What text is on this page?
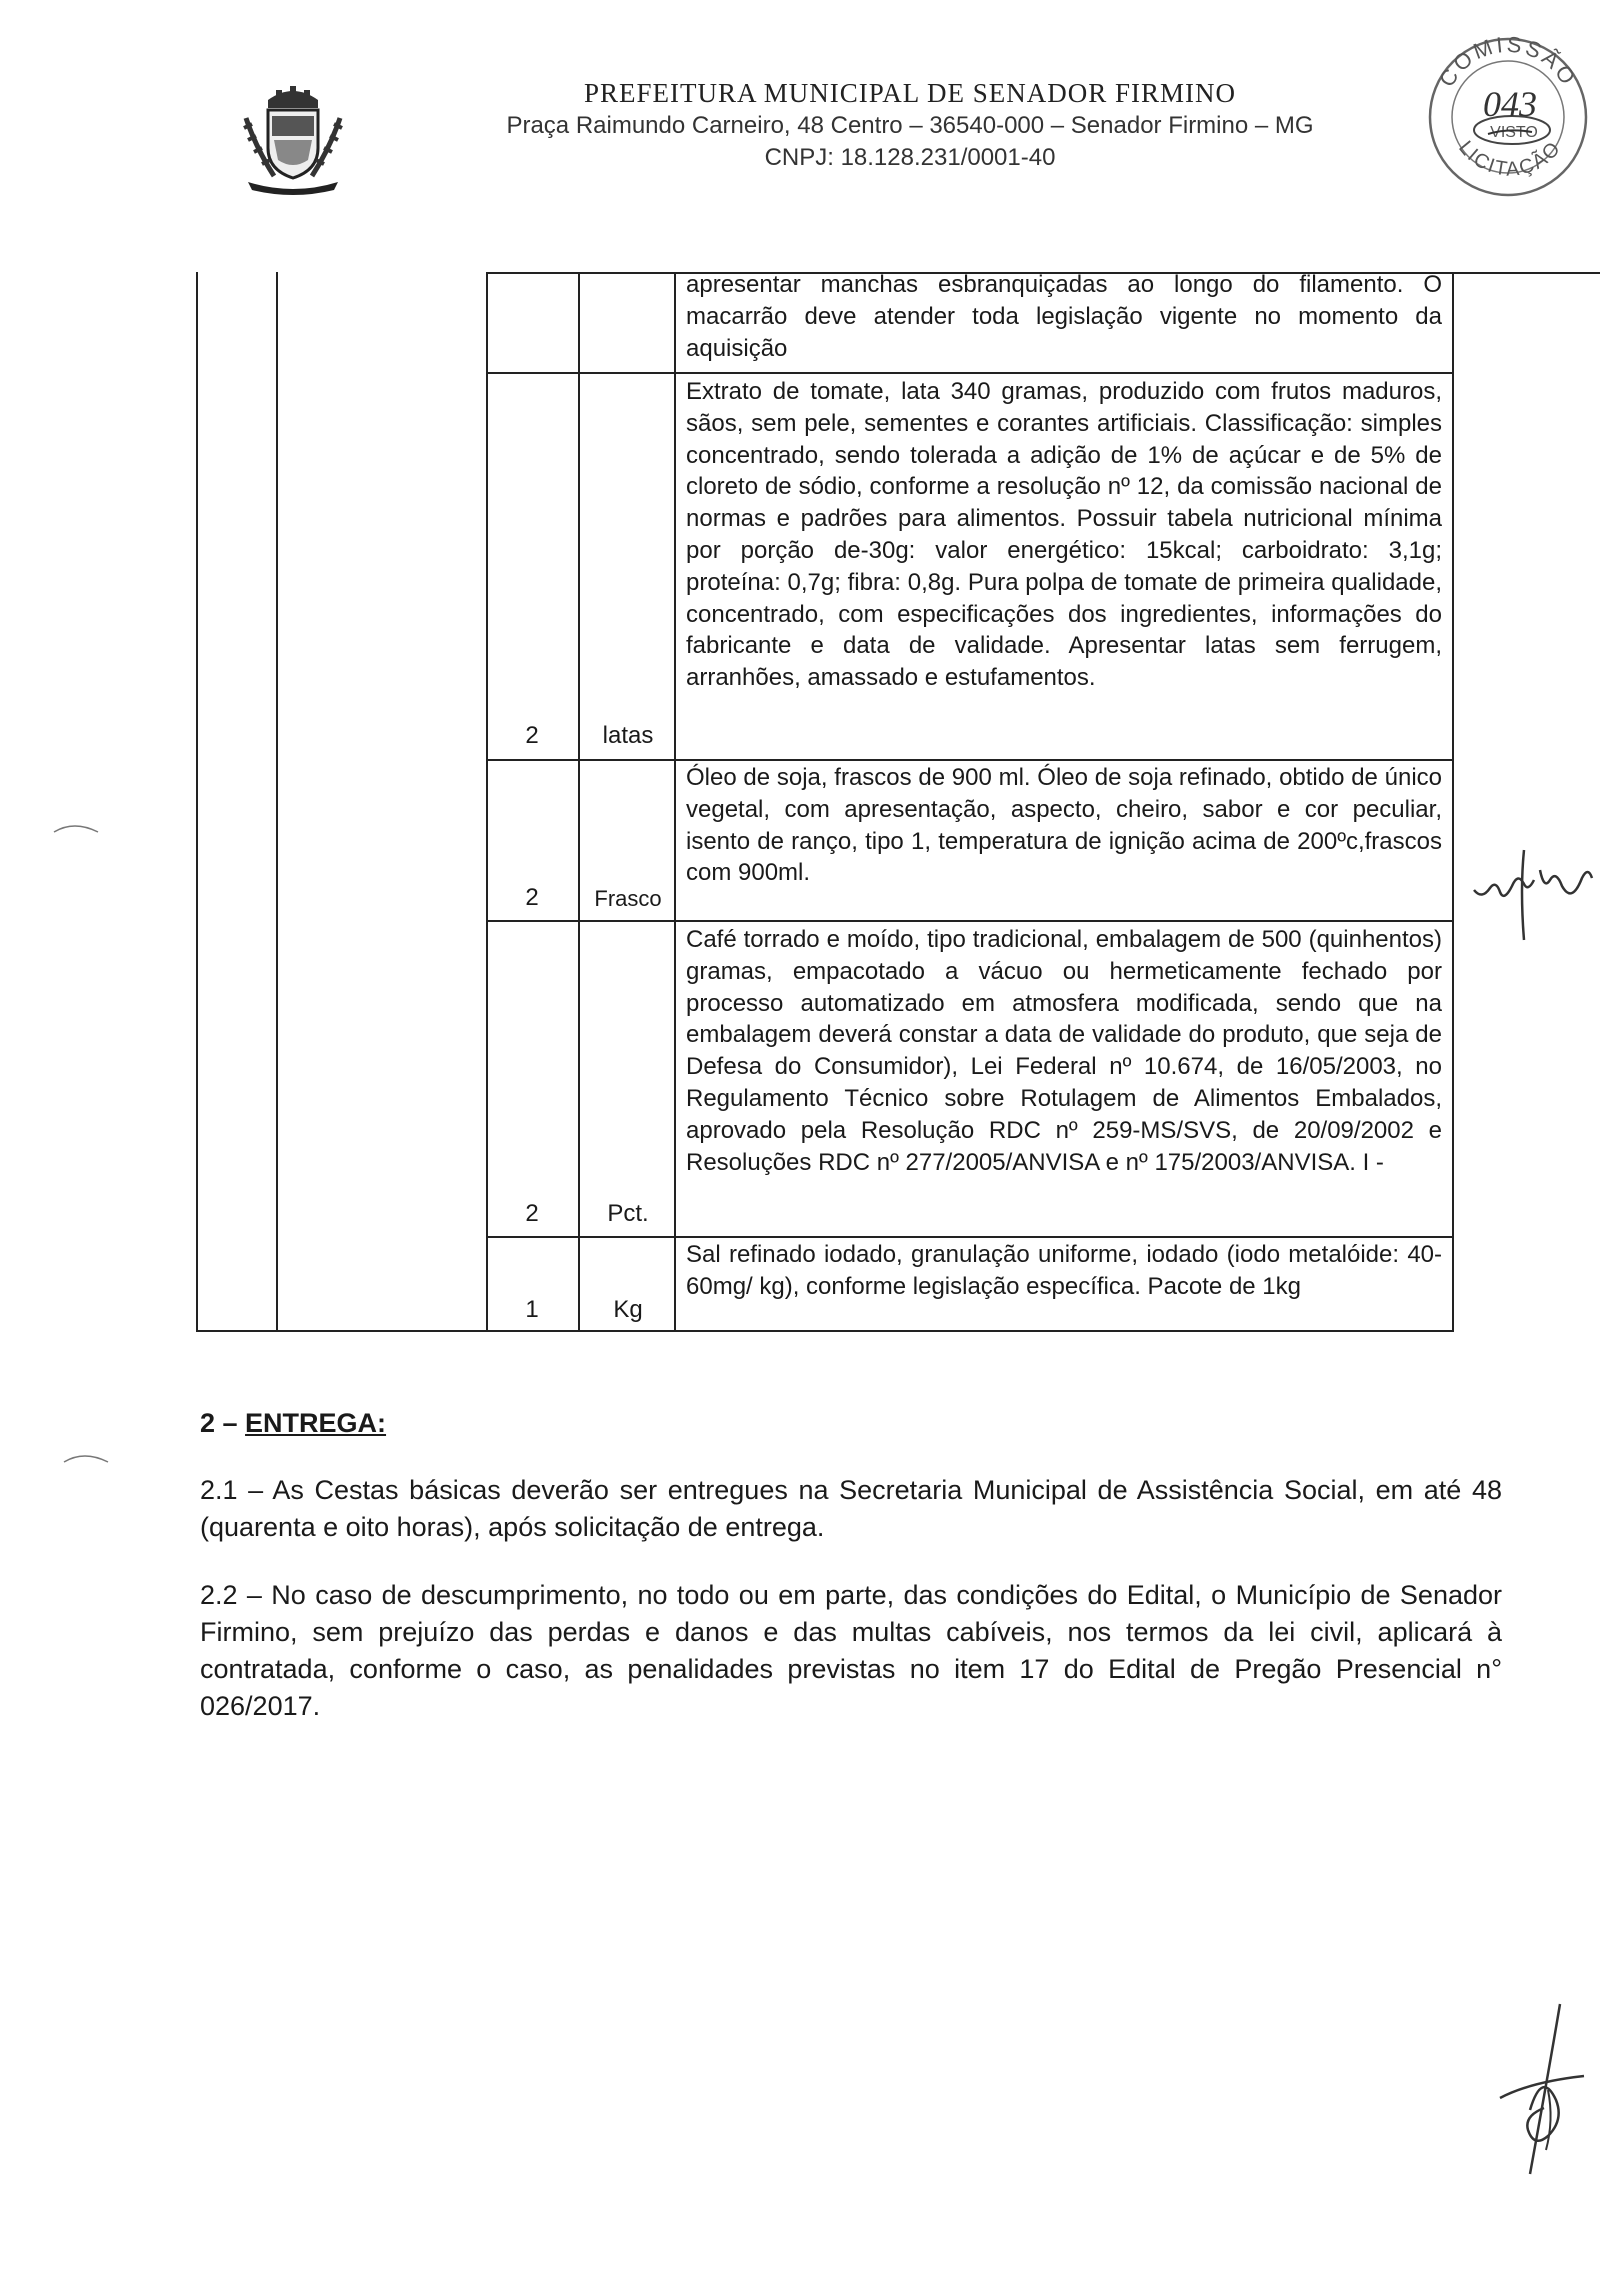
PREFEITURA MUNICIPAL DE SENADOR FIRMINO
Praça Raimundo Carneiro, 48 Centro – 36540-000 – Senador Firmino – MG
CNPJ: 18.128.231/0001-40
COMISSÃO
LICITAÇÃO
VISTO
043
apresentar manchas esbranquiçadas ao longo do filamento. O macarrão deve atender toda legislação vigente no momento da aquisição
2	latas
Extrato de tomate, lata 340 gramas, produzido com frutos maduros, sãos, sem pele, sementes e corantes artificiais. Classificação: simples concentrado, sendo tolerada a adição de 1% de açúcar e de 5% de cloreto de sódio, conforme a resolução nº 12, da comissão nacional de normas e padrões para alimentos. Possuir tabela nutricional mínima por porção de-30g: valor energético: 15kcal; carboidrato: 3,1g; proteína: 0,7g; fibra: 0,8g. Pura polpa de tomate de primeira qualidade, concentrado, com especificações dos ingredientes, informações do fabricante e data de validade. Apresentar latas sem ferrugem, arranhões, amassado e estufamentos.
2	Frasco
Óleo de soja, frascos de 900 ml. Óleo de soja refinado, obtido de único vegetal, com apresentação, aspecto, cheiro, sabor e cor peculiar, isento de ranço, tipo 1, temperatura de ignição acima de 200ºc,frascos com 900ml.
2	Pct.
Café torrado e moído, tipo tradicional, embalagem de 500 (quinhentos) gramas, empacotado a vácuo ou hermeticamente fechado por processo automatizado em atmosfera modificada, sendo que na embalagem deverá constar a data de validade do produto, que seja de Defesa do Consumidor), Lei Federal nº 10.674, de 16/05/2003, no Regulamento Técnico sobre Rotulagem de Alimentos Embalados, aprovado pela Resolução RDC nº 259-MS/SVS, de 20/09/2002 e Resoluções RDC nº 277/2005/ANVISA e nº 175/2003/ANVISA. I -
1	Kg
Sal refinado iodado, granulação uniforme, iodado (iodo metalóide: 40-60mg/ kg), conforme legislação específica. Pacote de 1kg
2 – ENTREGA:
2.1 – As Cestas básicas deverão ser entregues na Secretaria Municipal de Assistência Social, em até 48 (quarenta e oito horas), após solicitação de entrega.
2.2 – No caso de descumprimento, no todo ou em parte, das condições do Edital, o Município de Senador Firmino, sem prejuízo das perdas e danos e das multas cabíveis, nos termos da lei civil, aplicará à contratada, conforme o caso, as penalidades previstas no item 17 do Edital de Pregão Presencial n° 026/2017.
